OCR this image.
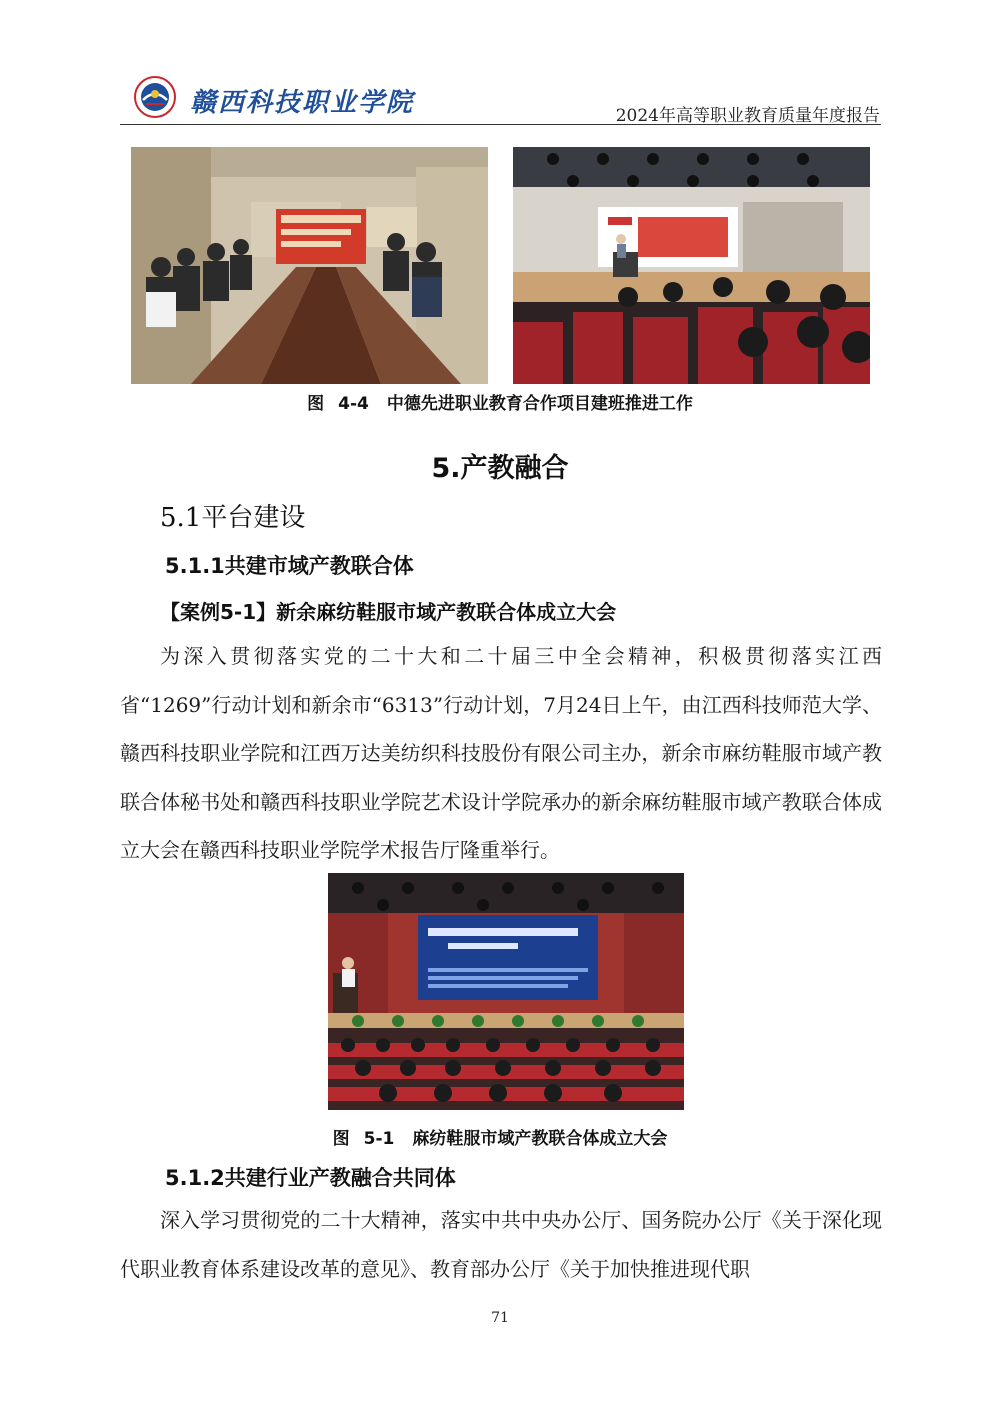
赣西科技职业学院	2024年高等职业教育质量年度报告
图 4-4 中德先进职业教育合作项目建班推进工作
5.产教融合
5.1平台建设
5.1.1共建市域产教联合体
【案例5-1】新余麻纺鞋服市域产教联合体成立大会
为深入贯彻落实党的二十大和二十届三中全会精神，积极贯彻落实江西省“1269”行动计划和新余市“6313”行动计划，7月24日上午，由江西科技师范大学、赣西科技职业学院和江西万达美纺织科技股份有限公司主办，新余市麻纺鞋服市域产教联合体秘书处和赣西科技职业学院艺术设计学院承办的新余麻纺鞋服市域产教联合体成立大会在赣西科技职业学院学术报告厅隆重举行。
图 5-1 麻纺鞋服市域产教联合体成立大会
5.1.2共建行业产教融合共同体
深入学习贯彻党的二十大精神，落实中共中央办公厅、国务院办公厅《关于深化现代职业教育体系建设改革的意见》、教育部办公厅《关于加快推进现代职
71
